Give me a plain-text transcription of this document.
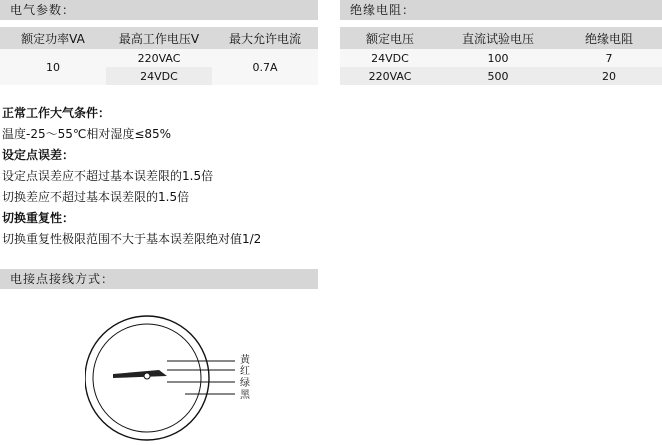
电气参数：	绝缘电阻：
额定功率VA	最高工作电压V	最大允许电流
10	220VAC	0.7A
	24VDC	
额定电压	直流试验电压	绝缘电阻
24VDC	100	7
220VAC	500	20
正常工作大气条件：
温度-25～55℃相对湿度≤85%
设定点误差：
设定点误差应不超过基本误差限的1.5倍
切换差应不超过基本误差限的1.5倍
切换重复性：
切换重复性极限范围不大于基本误差限绝对值1/2
电接点接线方式：
黄
红
绿
黑
